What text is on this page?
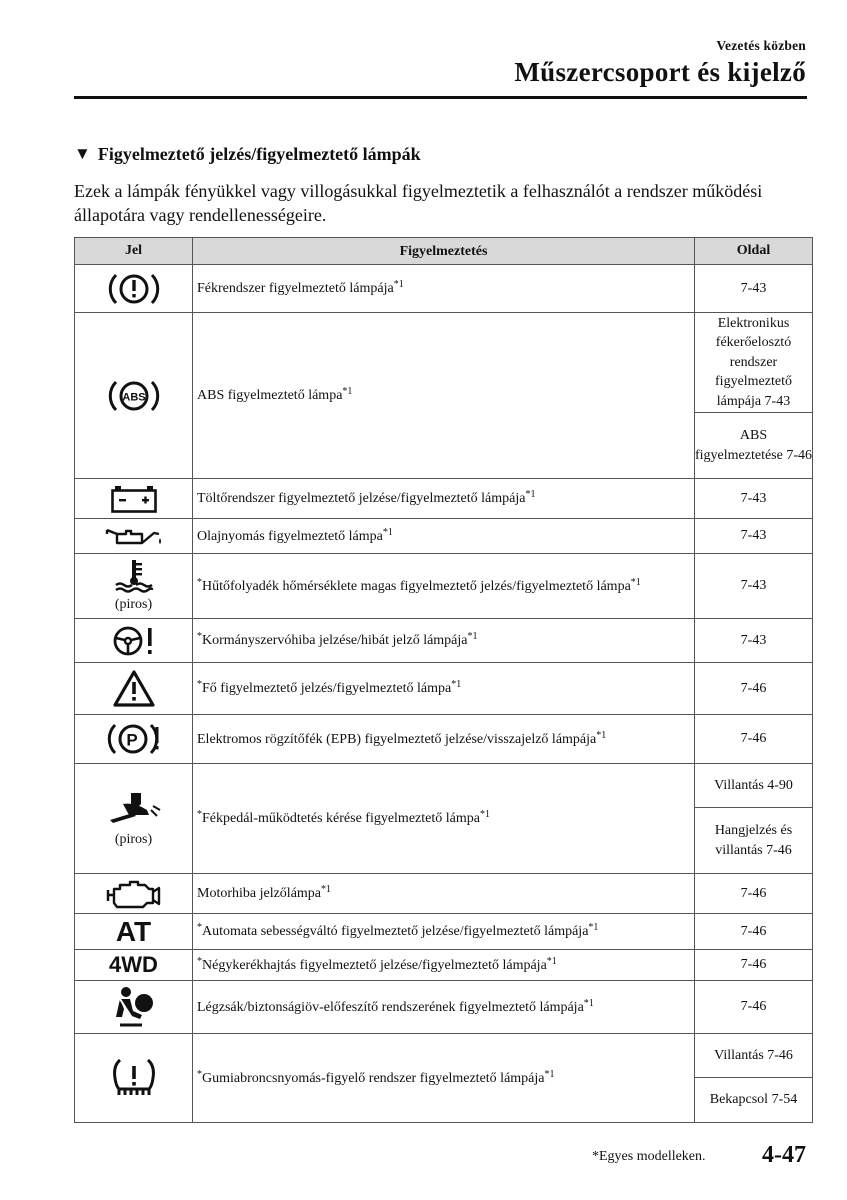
Vezetés közben
Műszercsoport és kijelző
▼ Figyelmeztető jelzés/figyelmeztető lámpák

Ezek a lámpák fényükkel vagy villogásukkal figyelmeztetik a felhasználót a rendszer működési állapotára vagy rendellenességeire.

Jel	Figyelmeztetés	Oldal

	Fékrendszer figyelmeztető lámpája$^{*1}$	7-43

ABS	ABS figyelmeztető lámpa$^{*1}$	Elektronikus fékerőelosztó rendszer figyelmeztető lámpája 7-43
		ABS figyelmeztetése 7-46

	Töltőrendszer figyelmeztető jelzése/figyelmeztető lámpája$^{*1}$	7-43

	Olajnyomás figyelmeztető lámpa$^{*1}$	7-43

(piros)	*Hűtőfolyadék hőmérséklete magas figyelmeztető jelzés/figyelmeztető lámpa$^{*1}$	7-43

	*Kormányszervóhiba jelzése/hibát jelző lámpája$^{*1}$	7-43

	*Fő figyelmeztető jelzés/figyelmeztető lámpa$^{*1}$	7-46

P	Elektromos rögzítőfék (EPB) figyelmeztető jelzése/visszajelző lámpája$^{*1}$	7-46

(piros)	*Fékpedál-működtetés kérése figyelmeztető lámpa$^{*1}$	Villantás 4-90
		Hangjelzés és villantás 7-46

	Motorhiba jelzőlámpa$^{*1}$	7-46

AT	*Automata sebességváltó figyelmeztető jelzése/figyelmeztető lámpája$^{*1}$	7-46

4WD	*Négykerékhajtás figyelmeztető jelzése/figyelmeztető lámpája$^{*1}$	7-46

	Légzsák/biztonságiöv-előfeszítő rendszerének figyelmeztető lámpája$^{*1}$	7-46

	*Gumiabroncsnyomás-figyelő rendszer figyelmeztető lámpája$^{*1}$	Villantás 7-46
		Bekapcsol 7-54
*Egyes modelleken. 4-47
